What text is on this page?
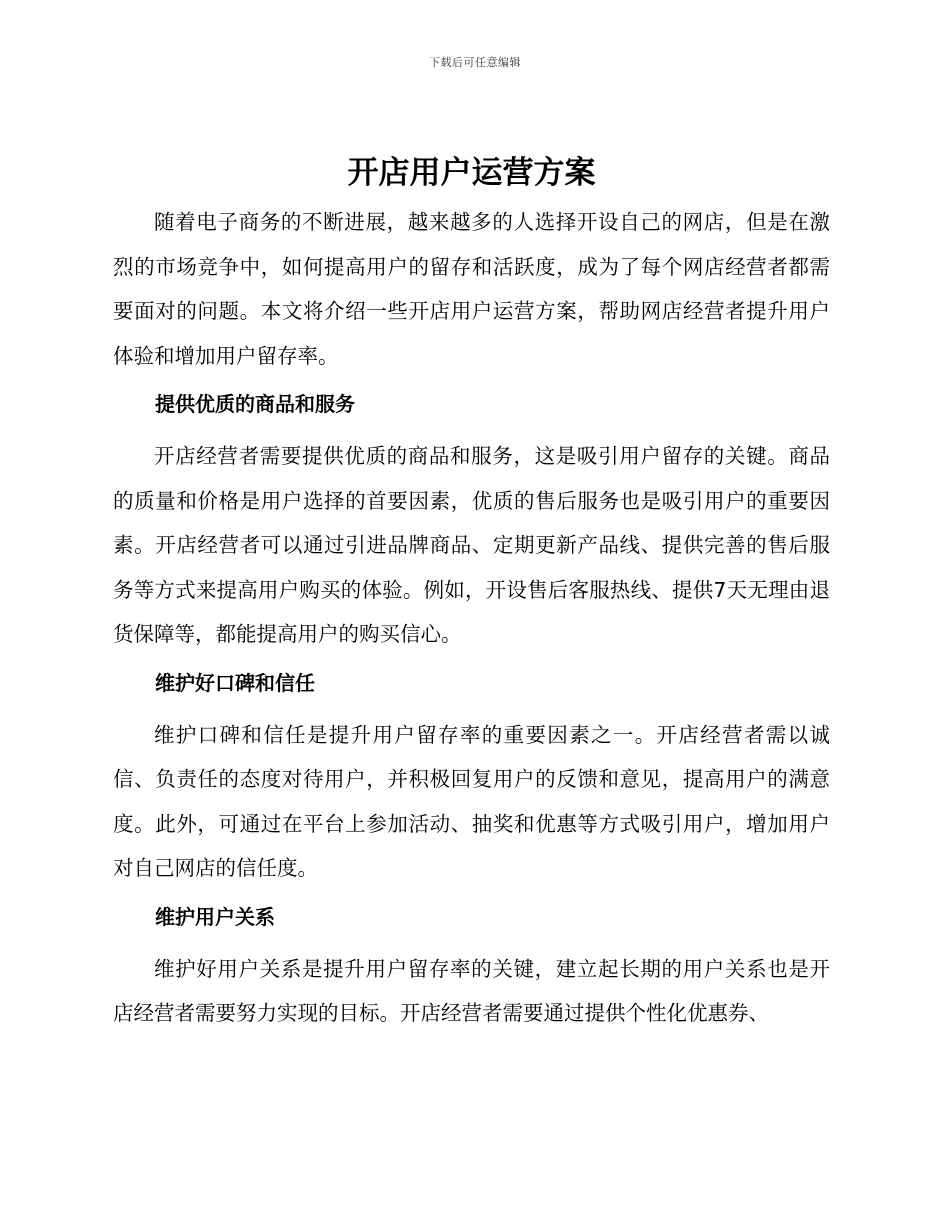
下载后可任意编辑
开店用户运营方案

随着电子商务的不断进展，越来越多的人选择开设自己的网店，但是在激烈的市场竞争中，如何提高用户的留存和活跃度，成为了每个网店经营者都需要面对的问题。本文将介绍一些开店用户运营方案，帮助网店经营者提升用户体验和增加用户留存率。

提供优质的商品和服务

开店经营者需要提供优质的商品和服务，这是吸引用户留存的关键。商品的质量和价格是用户选择的首要因素，优质的售后服务也是吸引用户的重要因素。开店经营者可以通过引进品牌商品、定期更新产品线、提供完善的售后服务等方式来提高用户购买的体验。例如，开设售后客服热线、提供7天无理由退货保障等，都能提高用户的购买信心。

维护好口碑和信任

维护口碑和信任是提升用户留存率的重要因素之一。开店经营者需以诚信、负责任的态度对待用户，并积极回复用户的反馈和意见，提高用户的满意度。此外，可通过在平台上参加活动、抽奖和优惠等方式吸引用户，增加用户对自己网店的信任度。

维护用户关系

维护好用户关系是提升用户留存率的关键，建立起长期的用户关系也是开店经营者需要努力实现的目标。开店经营者需要通过提供个性化优惠券、
